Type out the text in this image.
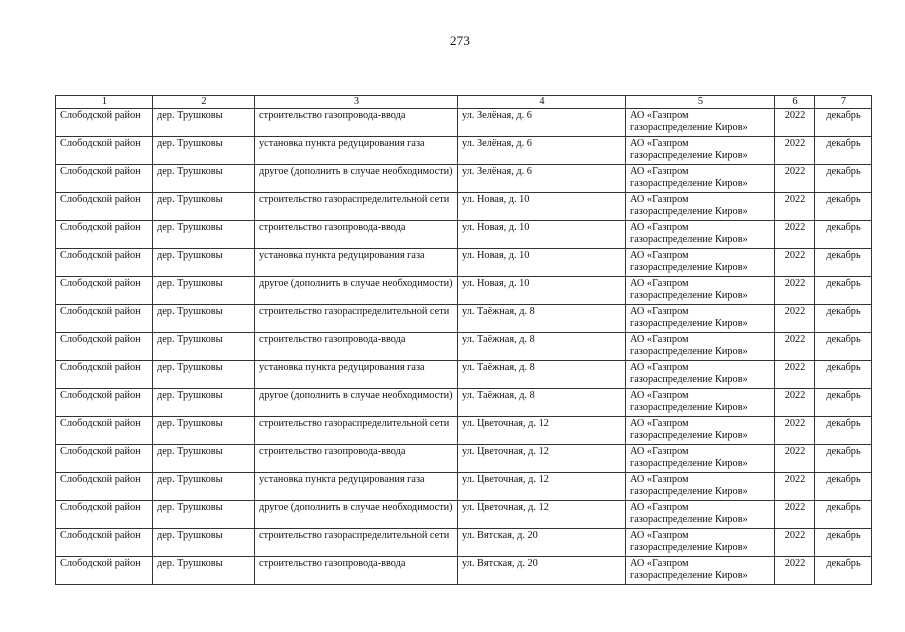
273
1	2	3	4	5	6	7

Слободской район	дер. Трушковы	строительство газопровода-ввода	ул. Зелёная, д. 6	АО «Газпром газораспределение Киров»	2022	декабрь

Слободской район	дер. Трушковы	установка пункта редуцирования газа	ул. Зелёная, д. 6	АО «Газпром газораспределение Киров»	2022	декабрь

Слободской район	дер. Трушковы	другое (дополнить в случае необходимости)	ул. Зелёная, д. 6	АО «Газпром газораспределение Киров»	2022	декабрь

Слободской район	дер. Трушковы	строительство газораспределительной сети	ул. Новая, д. 10	АО «Газпром газораспределение Киров»	2022	декабрь

Слободской район	дер. Трушковы	строительство газопровода-ввода	ул. Новая, д. 10	АО «Газпром газораспределение Киров»	2022	декабрь

Слободской район	дер. Трушковы	установка пункта редуцирования газа	ул. Новая, д. 10	АО «Газпром газораспределение Киров»	2022	декабрь

Слободской район	дер. Трушковы	другое (дополнить в случае необходимости)	ул. Новая, д. 10	АО «Газпром газораспределение Киров»	2022	декабрь

Слободской район	дер. Трушковы	строительство газораспределительной сети	ул. Таёжная, д. 8	АО «Газпром газораспределение Киров»	2022	декабрь

Слободской район	дер. Трушковы	строительство газопровода-ввода	ул. Таёжная, д. 8	АО «Газпром газораспределение Киров»	2022	декабрь

Слободской район	дер. Трушковы	установка пункта редуцирования газа	ул. Таёжная, д. 8	АО «Газпром газораспределение Киров»	2022	декабрь

Слободской район	дер. Трушковы	другое (дополнить в случае необходимости)	ул. Таёжная, д. 8	АО «Газпром газораспределение Киров»	2022	декабрь

Слободской район	дер. Трушковы	строительство газораспределительной сети	ул. Цветочная, д. 12	АО «Газпром газораспределение Киров»	2022	декабрь

Слободской район	дер. Трушковы	строительство газопровода-ввода	ул. Цветочная, д. 12	АО «Газпром газораспределение Киров»	2022	декабрь

Слободской район	дер. Трушковы	установка пункта редуцирования газа	ул. Цветочная, д. 12	АО «Газпром газораспределение Киров»	2022	декабрь

Слободской район	дер. Трушковы	другое (дополнить в случае необходимости)	ул. Цветочная, д. 12	АО «Газпром газораспределение Киров»	2022	декабрь

Слободской район	дер. Трушковы	строительство газораспределительной сети	ул. Вятская, д. 20	АО «Газпром газораспределение Киров»	2022	декабрь

Слободской район	дер. Трушковы	строительство газопровода-ввода	ул. Вятская, д. 20	АО «Газпром газораспределение Киров»	2022	декабрь
